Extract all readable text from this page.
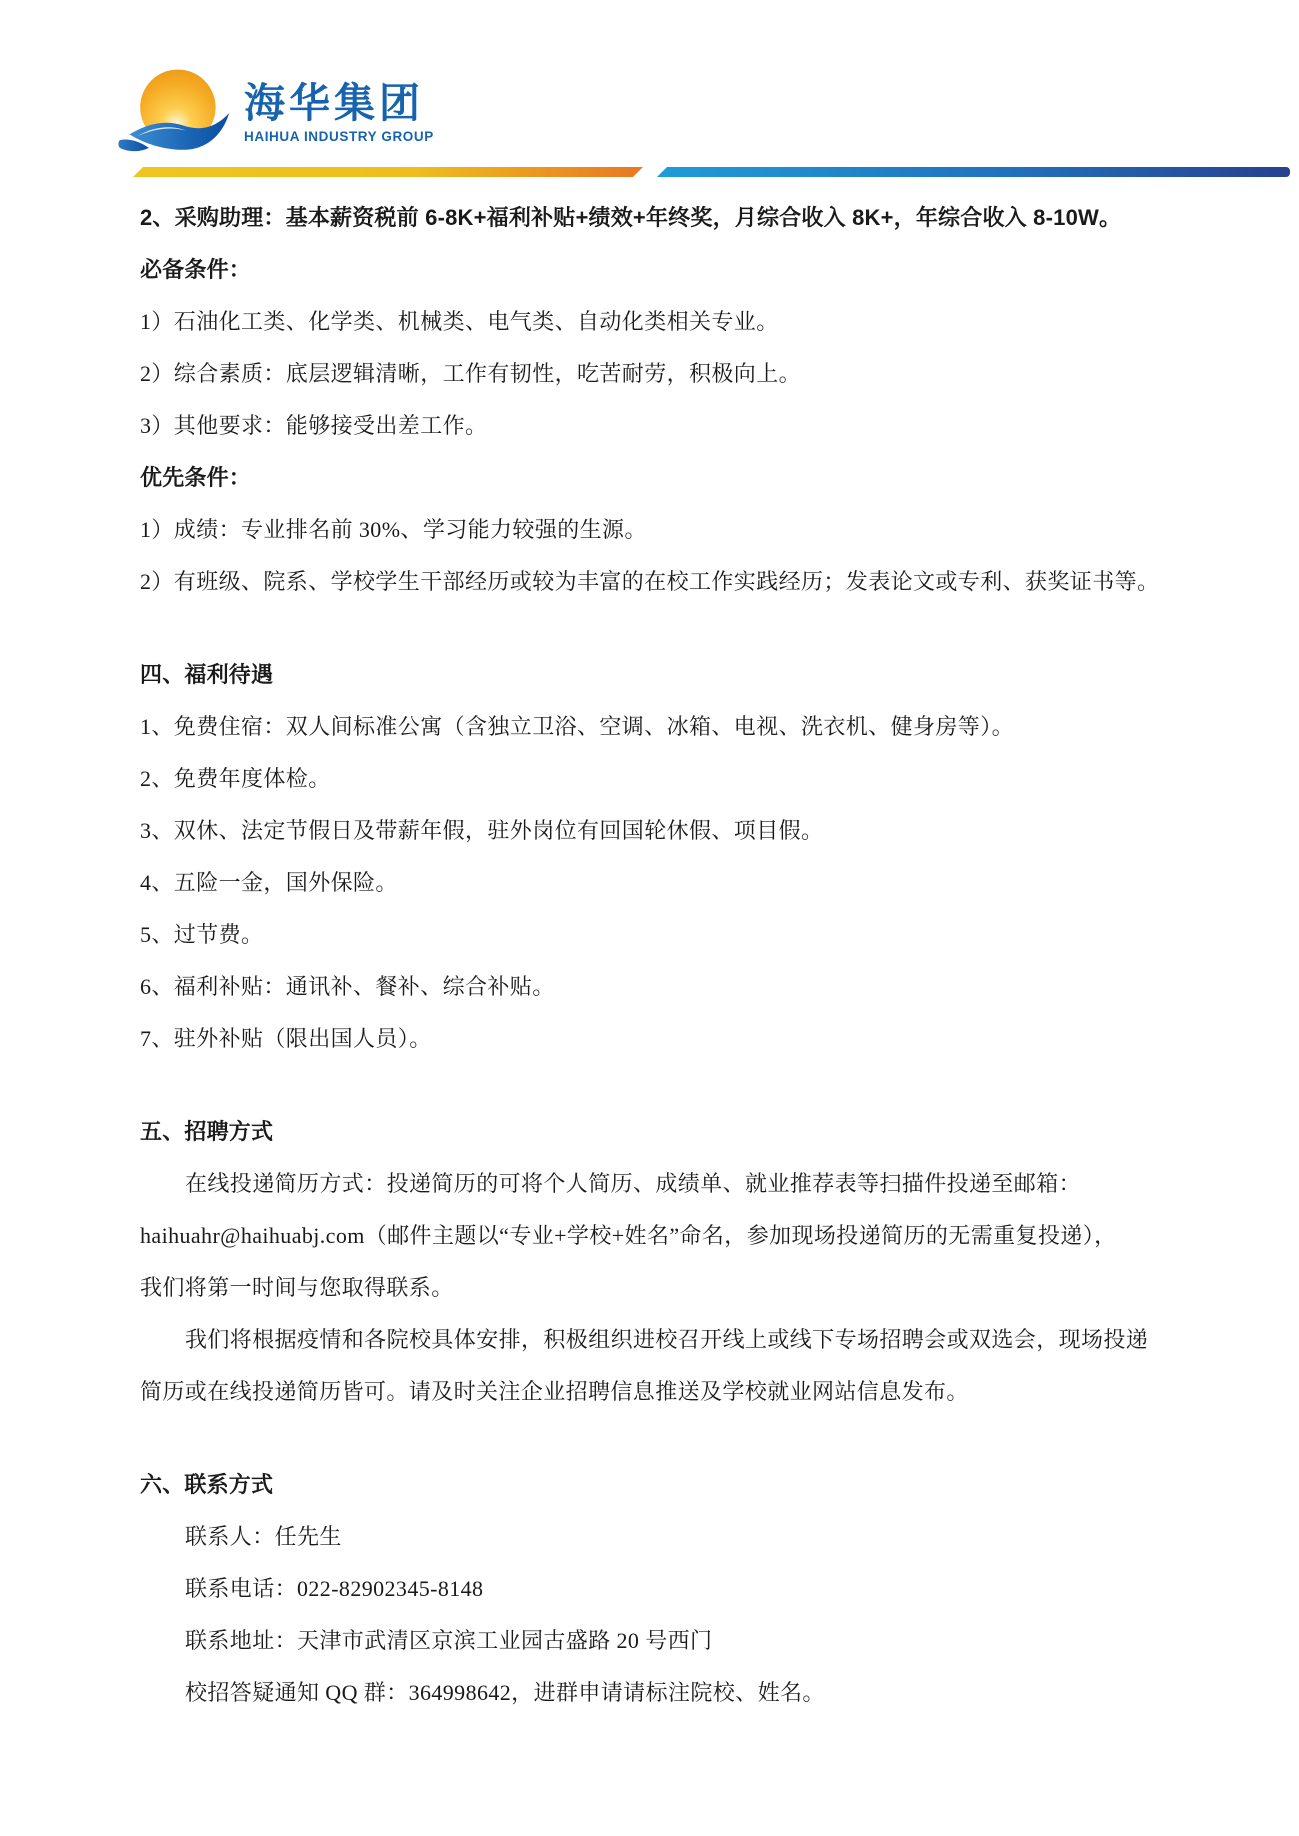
海华集团
HAIHUA INDUSTRY GROUP
2、采购助理：基本薪资税前 6-8K+福利补贴+绩效+年终奖，月综合收入 8K+，年综合收入 8-10W。
必备条件：
1）石油化工类、化学类、机械类、电气类、自动化类相关专业。
2）综合素质：底层逻辑清晰，工作有韧性，吃苦耐劳，积极向上。
3）其他要求：能够接受出差工作。
优先条件：
1）成绩：专业排名前 30%、学习能力较强的生源。
2）有班级、院系、学校学生干部经历或较为丰富的在校工作实践经历；发表论文或专利、获奖证书等。
四、福利待遇
1、免费住宿：双人间标准公寓（含独立卫浴、空调、冰箱、电视、洗衣机、健身房等）。
2、免费年度体检。
3、双休、法定节假日及带薪年假，驻外岗位有回国轮休假、项目假。
4、五险一金，国外保险。
5、过节费。
6、福利补贴：通讯补、餐补、综合补贴。
7、驻外补贴（限出国人员）。
五、招聘方式
在线投递简历方式：投递简历的可将个人简历、成绩单、就业推荐表等扫描件投递至邮箱：
haihuahr@haihuabj.com（邮件主题以“专业+学校+姓名”命名，参加现场投递简历的无需重复投递），
我们将第一时间与您取得联系。
我们将根据疫情和各院校具体安排，积极组织进校召开线上或线下专场招聘会或双选会，现场投递
简历或在线投递简历皆可。请及时关注企业招聘信息推送及学校就业网站信息发布。
六、联系方式
联系人：任先生
联系电话：022-82902345-8148
联系地址：天津市武清区京滨工业园古盛路 20 号西门
校招答疑通知 QQ 群：364998642，进群申请请标注院校、姓名。
